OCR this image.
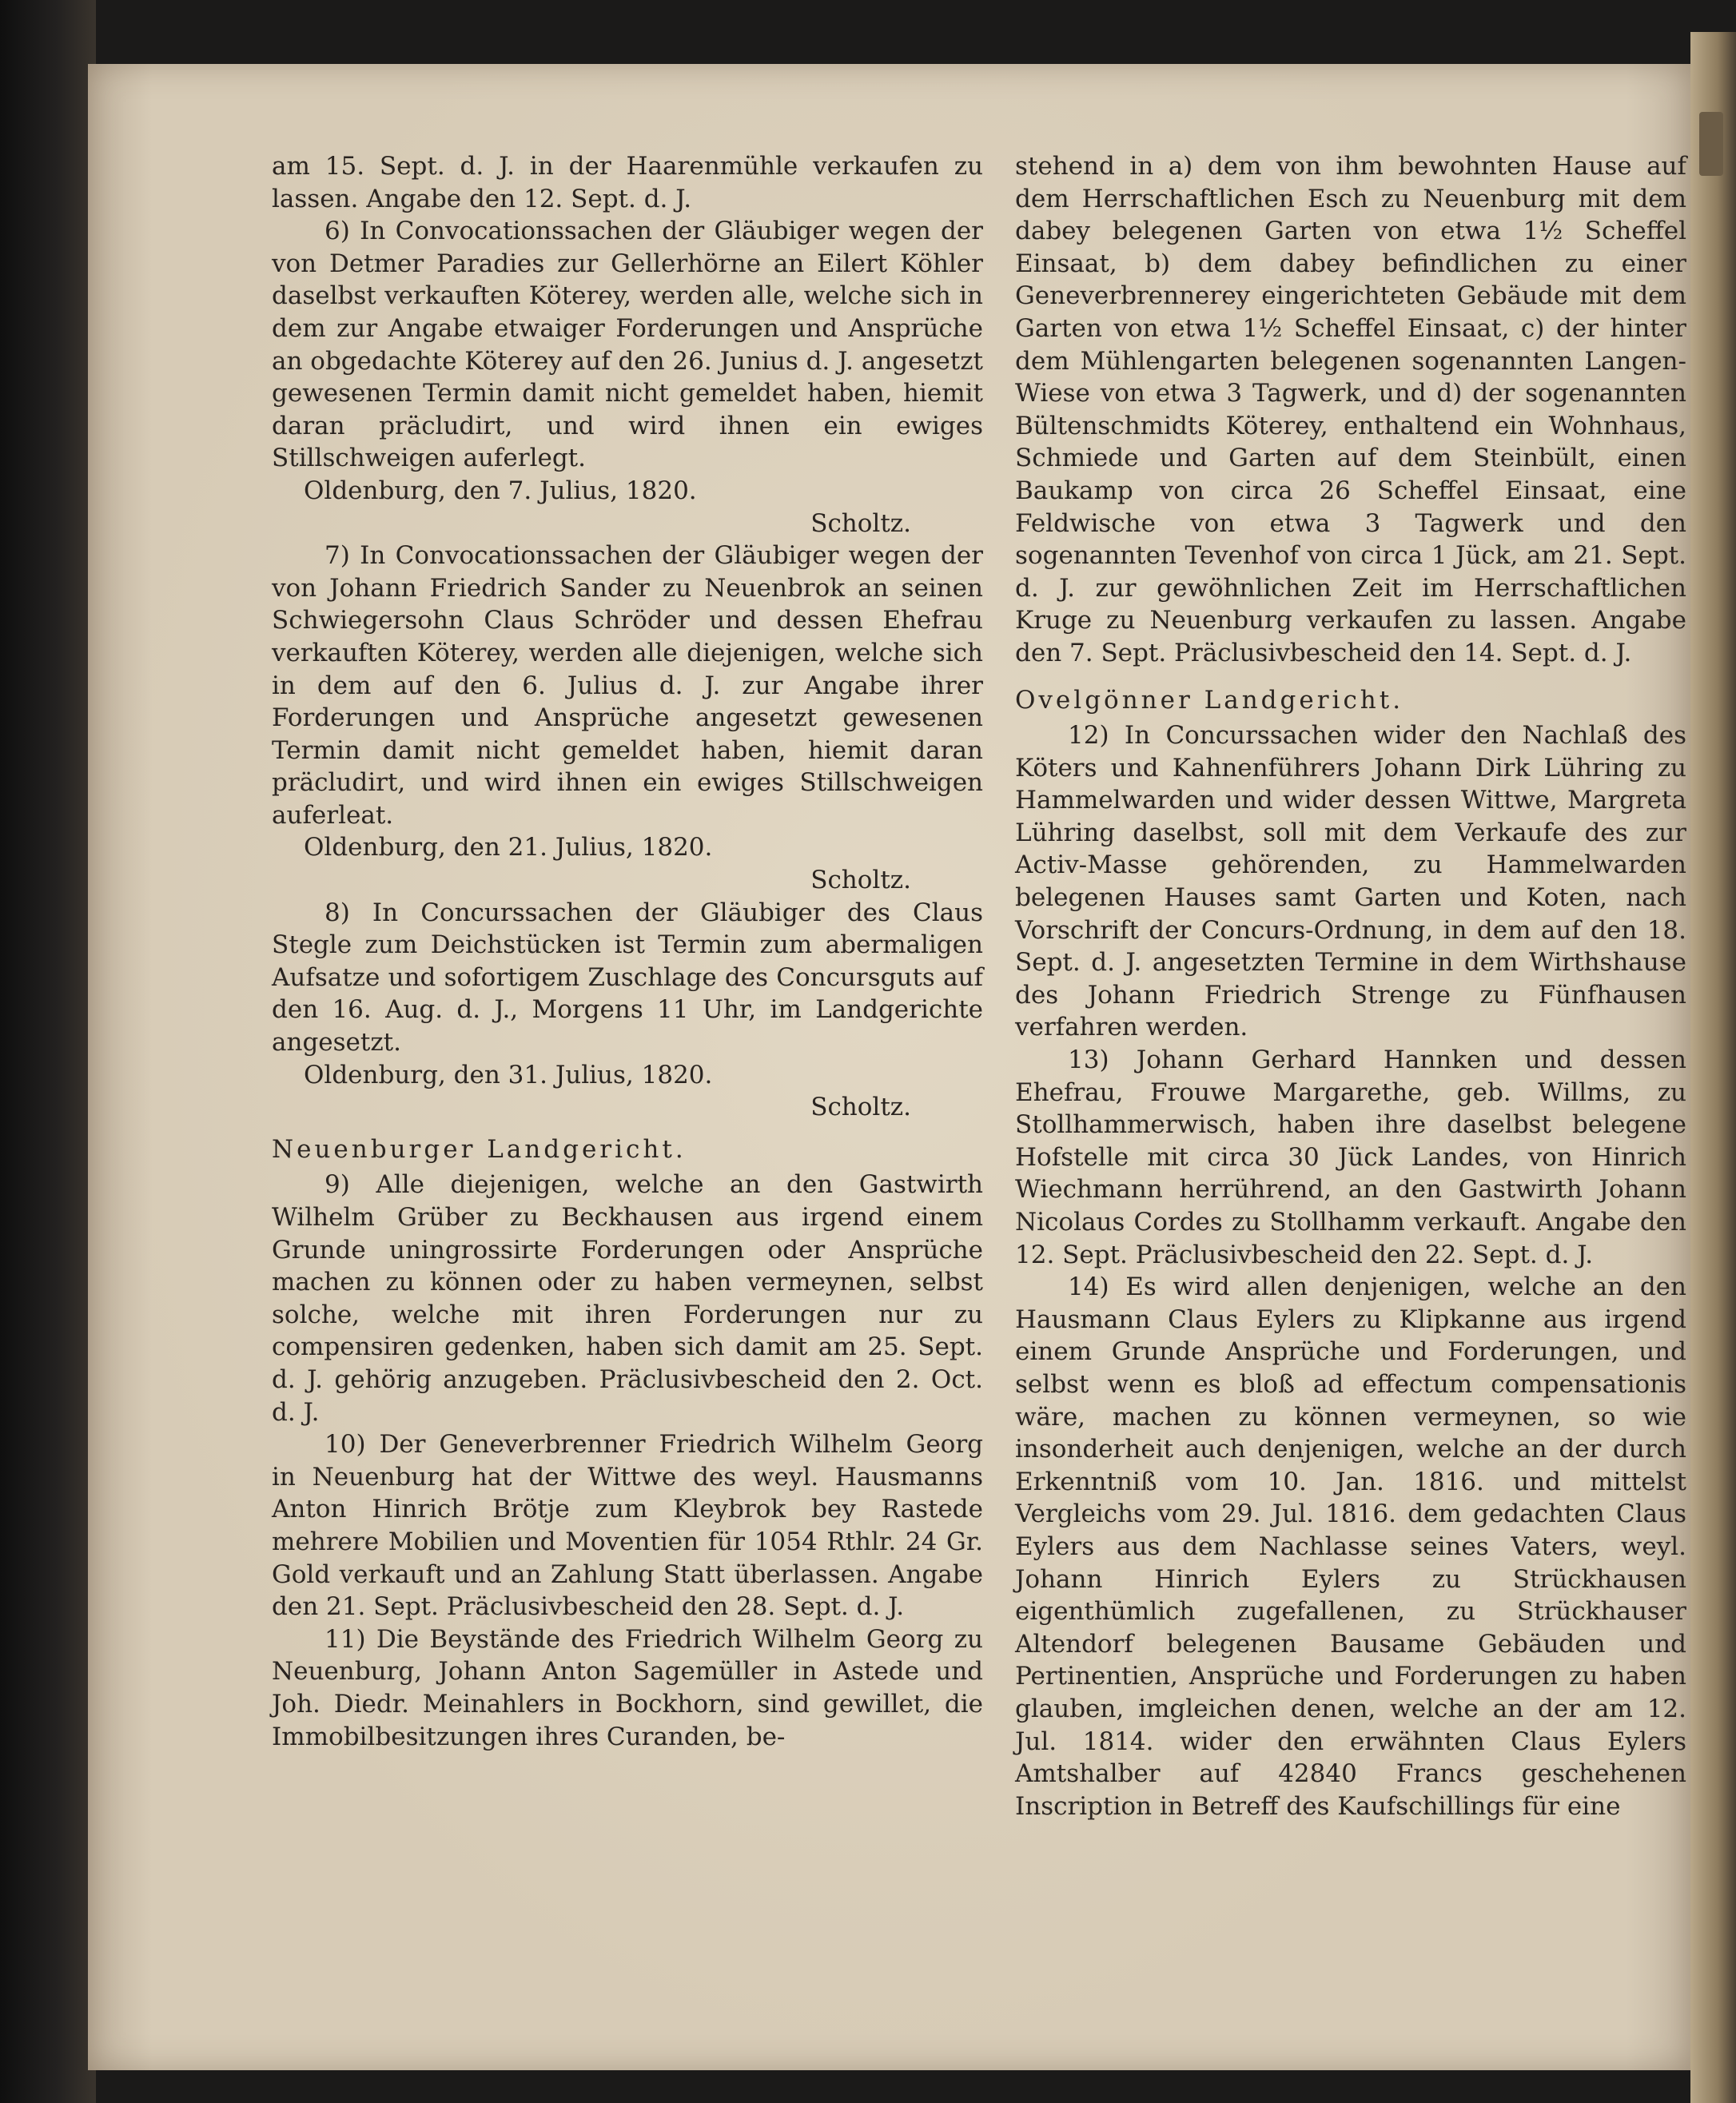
am 15. Sept. d. J. in der Haarenmühle verkaufen zu lassen. Angabe den 12. Sept. d. J.

6) In Convocationssachen der Gläubiger wegen der von Detmer Paradies zur Gellerhörne an Eilert Köhler daselbst verkauften Köterey, werden alle, welche sich in dem zur Angabe etwaiger Forderungen und Ansprüche an obgedachte Köterey auf den 26. Junius d. J. angesetzt gewesenen Termin damit nicht gemeldet haben, hiemit daran präcludirt, und wird ihnen ein ewiges Stillschweigen auferlegt.

Oldenburg, den 7. Julius, 1820.

Scholtz.

7) In Convocationssachen der Gläubiger wegen der von Johann Friedrich Sander zu Neuenbrok an seinen Schwiegersohn Claus Schröder und dessen Ehefrau verkauften Köterey, werden alle diejenigen, welche sich in dem auf den 6. Julius d. J. zur Angabe ihrer Forderungen und Ansprüche angesetzt gewesenen Termin damit nicht gemeldet haben, hiemit daran präcludirt, und wird ihnen ein ewiges Stillschweigen auferleat.

Oldenburg, den 21. Julius, 1820.

Scholtz.

8) In Concurssachen der Gläubiger des Claus Stegle zum Deichstücken ist Termin zum abermaligen Aufsatze und sofortigem Zuschlage des Concursguts auf den 16. Aug. d. J., Morgens 11 Uhr, im Landgerichte angesetzt.

Oldenburg, den 31. Julius, 1820.

Scholtz.

Neuenburger Landgericht.

9) Alle diejenigen, welche an den Gastwirth Wilhelm Grüber zu Beckhausen aus irgend einem Grunde uningrossirte Forderungen oder Ansprüche machen zu können oder zu haben vermeynen, selbst solche, welche mit ihren Forderungen nur zu compensiren gedenken, haben sich damit am 25. Sept. d. J. gehörig anzugeben. Präclusivbescheid den 2. Oct. d. J.

10) Der Geneverbrenner Friedrich Wilhelm Georg in Neuenburg hat der Wittwe des weyl. Hausmanns Anton Hinrich Brötje zum Kleybrok bey Rastede mehrere Mobilien und Moventien für 1054 Rthlr. 24 Gr. Gold verkauft und an Zahlung Statt überlassen. Angabe den 21. Sept. Präclusivbescheid den 28. Sept. d. J.

11) Die Beystände des Friedrich Wilhelm Georg zu Neuenburg, Johann Anton Sagemüller in Astede und Joh. Diedr. Meinahlers in Bockhorn, sind gewillet, die Immobilbesitzungen ihres Curanden, be-

stehend in a) dem von ihm bewohnten Hause auf dem Herrschaftlichen Esch zu Neuenburg mit dem dabey belegenen Garten von etwa 1½ Scheffel Einsaat, b) dem dabey befindlichen zu einer Geneverbrennerey eingerichteten Gebäude mit dem Garten von etwa 1½ Scheffel Einsaat, c) der hinter dem Mühlengarten belegenen sogenannten Langen-Wiese von etwa 3 Tagwerk, und d) der sogenannten Bültenschmidts Köterey, enthaltend ein Wohnhaus, Schmiede und Garten auf dem Steinbült, einen Baukamp von circa 26 Scheffel Einsaat, eine Feldwische von etwa 3 Tagwerk und den sogenannten Tevenhof von circa 1 Jück, am 21. Sept. d. J. zur gewöhnlichen Zeit im Herrschaftlichen Kruge zu Neuenburg verkaufen zu lassen. Angabe den 7. Sept. Präclusivbescheid den 14. Sept. d. J.

Ovelgönner Landgericht.

12) In Concurssachen wider den Nachlaß des Köters und Kahnenführers Johann Dirk Lühring zu Hammelwarden und wider dessen Wittwe, Margreta Lühring daselbst, soll mit dem Verkaufe des zur Activ-Masse gehörenden, zu Hammelwarden belegenen Hauses samt Garten und Koten, nach Vorschrift der Concurs-Ordnung, in dem auf den 18. Sept. d. J. angesetzten Termine in dem Wirthshause des Johann Friedrich Strenge zu Fünfhausen verfahren werden.

13) Johann Gerhard Hannken und dessen Ehefrau, Frouwe Margarethe, geb. Willms, zu Stollhammerwisch, haben ihre daselbst belegene Hofstelle mit circa 30 Jück Landes, von Hinrich Wiechmann herrührend, an den Gastwirth Johann Nicolaus Cordes zu Stollhamm verkauft. Angabe den 12. Sept. Präclusivbescheid den 22. Sept. d. J.

14) Es wird allen denjenigen, welche an den Hausmann Claus Eylers zu Klipkanne aus irgend einem Grunde Ansprüche und Forderungen, und selbst wenn es bloß ad effectum compensationis wäre, machen zu können vermeynen, so wie insonderheit auch denjenigen, welche an der durch Erkenntniß vom 10. Jan. 1816. und mittelst Vergleichs vom 29. Jul. 1816. dem gedachten Claus Eylers aus dem Nachlasse seines Vaters, weyl. Johann Hinrich Eylers zu Strückhausen eigenthümlich zugefallenen, zu Strückhauser Altendorf belegenen Bausame Gebäuden und Pertinentien, Ansprüche und Forderungen zu haben glauben, imgleichen denen, welche an der am 12. Jul. 1814. wider den erwähnten Claus Eylers Amtshalber auf 42840 Francs geschehenen Inscription in Betreff des Kaufschillings für eine
